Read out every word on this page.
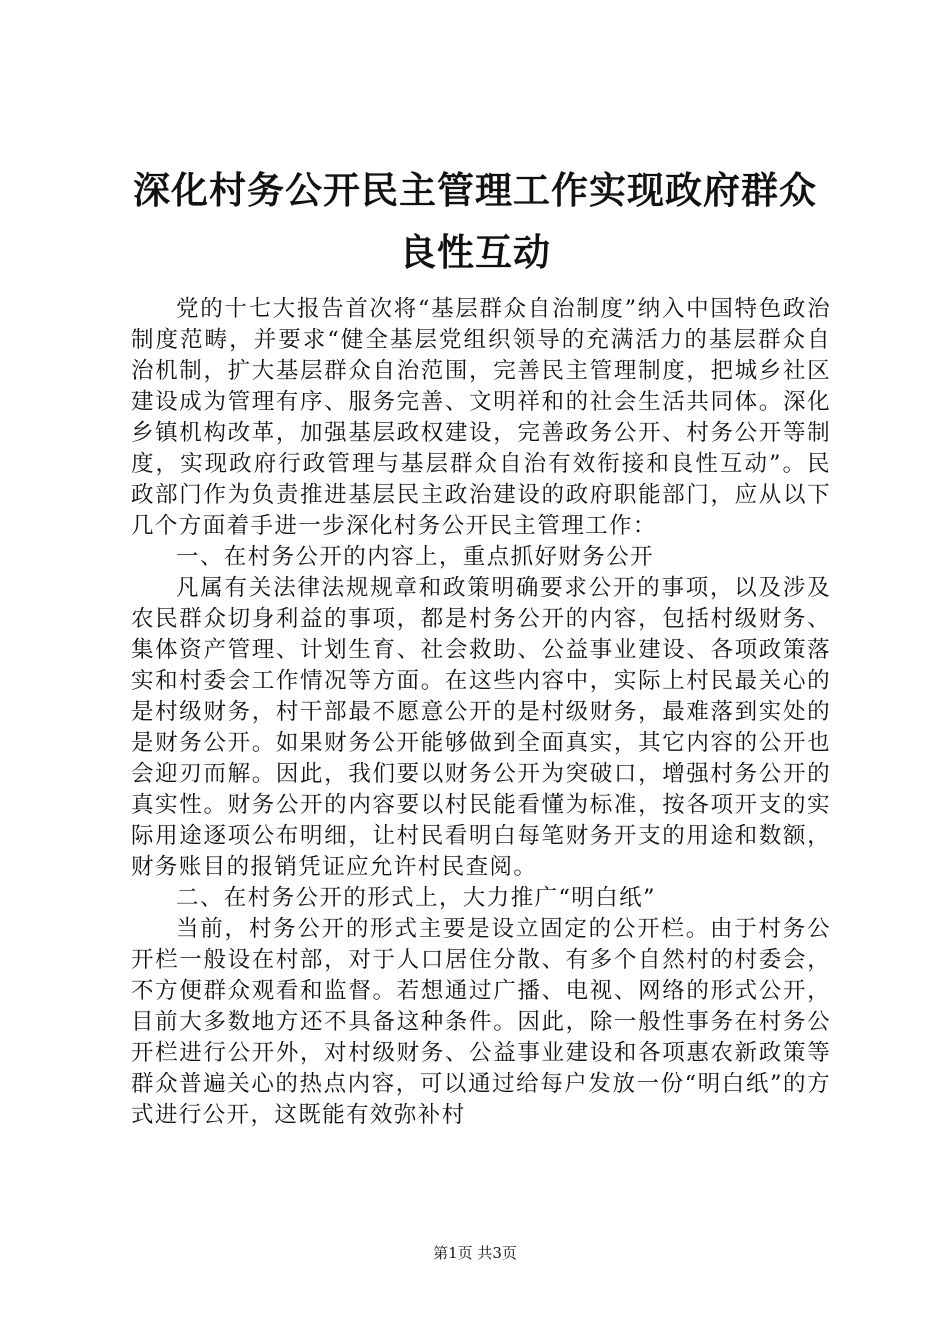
深化村务公开民主管理工作实现政府群众良性互动

党的十七大报告首次将“基层群众自治制度”纳入中国特色政治制度范畴，并要求“健全基层党组织领导的充满活力的基层群众自治机制，扩大基层群众自治范围，完善民主管理制度，把城乡社区建设成为管理有序、服务完善、文明祥和的社会生活共同体。深化乡镇机构改革，加强基层政权建设，完善政务公开、村务公开等制度，实现政府行政管理与基层群众自治有效衔接和良性互动”。民政部门作为负责推进基层民主政治建设的政府职能部门，应从以下几个方面着手进一步深化村务公开民主管理工作：

一、在村务公开的内容上，重点抓好财务公开

凡属有关法律法规规章和政策明确要求公开的事项，以及涉及农民群众切身利益的事项，都是村务公开的内容，包括村级财务、集体资产管理、计划生育、社会救助、公益事业建设、各项政策落实和村委会工作情况等方面。在这些内容中，实际上村民最关心的是村级财务，村干部最不愿意公开的是村级财务，最难落到实处的是财务公开。如果财务公开能够做到全面真实，其它内容的公开也会迎刃而解。因此，我们要以财务公开为突破口，增强村务公开的真实性。财务公开的内容要以村民能看懂为标准，按各项开支的实际用途逐项公布明细，让村民看明白每笔财务开支的用途和数额，财务账目的报销凭证应允许村民查阅。

二、在村务公开的形式上，大力推广“明白纸”

当前，村务公开的形式主要是设立固定的公开栏。由于村务公开栏一般设在村部，对于人口居住分散、有多个自然村的村委会，不方便群众观看和监督。若想通过广播、电视、网络的形式公开，目前大多数地方还不具备这种条件。因此，除一般性事务在村务公开栏进行公开外，对村级财务、公益事业建设和各项惠农新政策等群众普遍关心的热点内容，可以通过给每户发放一份“明白纸”的方式进行公开，这既能有效弥补村

第1页 共3页
